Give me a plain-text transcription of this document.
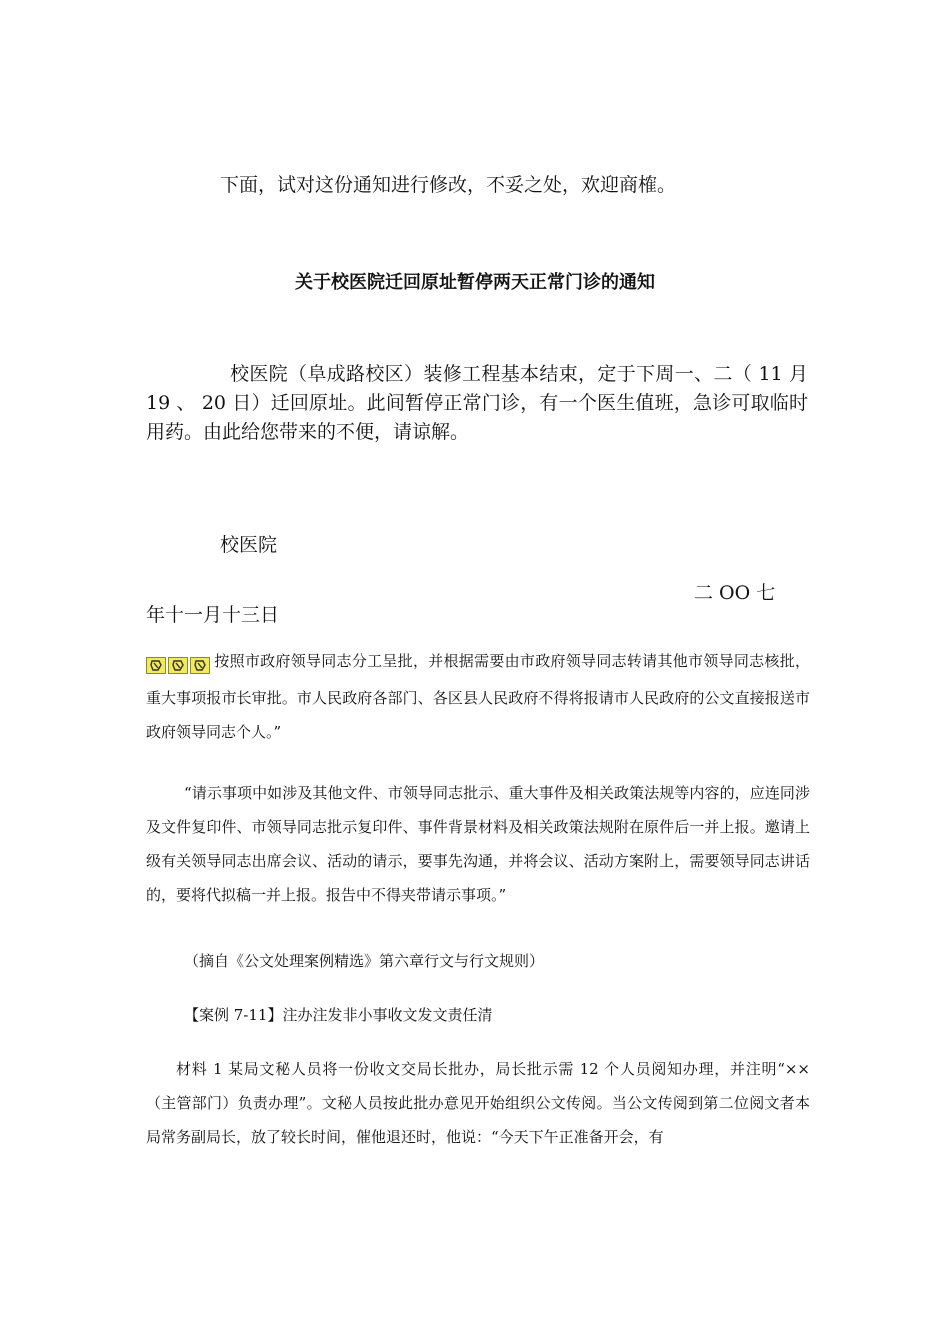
下面，试对这份通知进行修改，不妥之处，欢迎商榷。

关于校医院迁回原址暂停两天正常门诊的通知

校医院（阜成路校区）装修工程基本结束，定于下周一、二（ 11 月 19 、 20 日）迁回原址。此间暂停正常门诊，有一个医生值班，急诊可取临时用药。由此给您带来的不便，请谅解。

校医院

二 OO 七

年十一月十三日

按照市政府领导同志分工呈批，并根据需要由市政府领导同志转请其他市领导同志核批，重大事项报市长审批。市人民政府各部门、各区县人民政府不得将报请市人民政府的公文直接报送市政府领导同志个人。”

“请示事项中如涉及其他文件、市领导同志批示、重大事件及相关政策法规等内容的，应连同涉及文件复印件、市领导同志批示复印件、事件背景材料及相关政策法规附在原件后一并上报。邀请上级有关领导同志出席会议、活动的请示，要事先沟通，并将会议、活动方案附上，需要领导同志讲话的，要将代拟稿一并上报。报告中不得夹带请示事项。”

（摘自《公文处理案例精选》第六章行文与行文规则）

【案例 7-11】注办注发非小事收文发文责任清

材料 1 某局文秘人员将一份收文交局长批办，局长批示需 12 个人员阅知办理，并注明“××（主管部门）负责办理”。文秘人员按此批办意见开始组织公文传阅。当公文传阅到第二位阅文者本局常务副局长，放了较长时间，催他退还时，他说：“今天下午正准备开会，有
